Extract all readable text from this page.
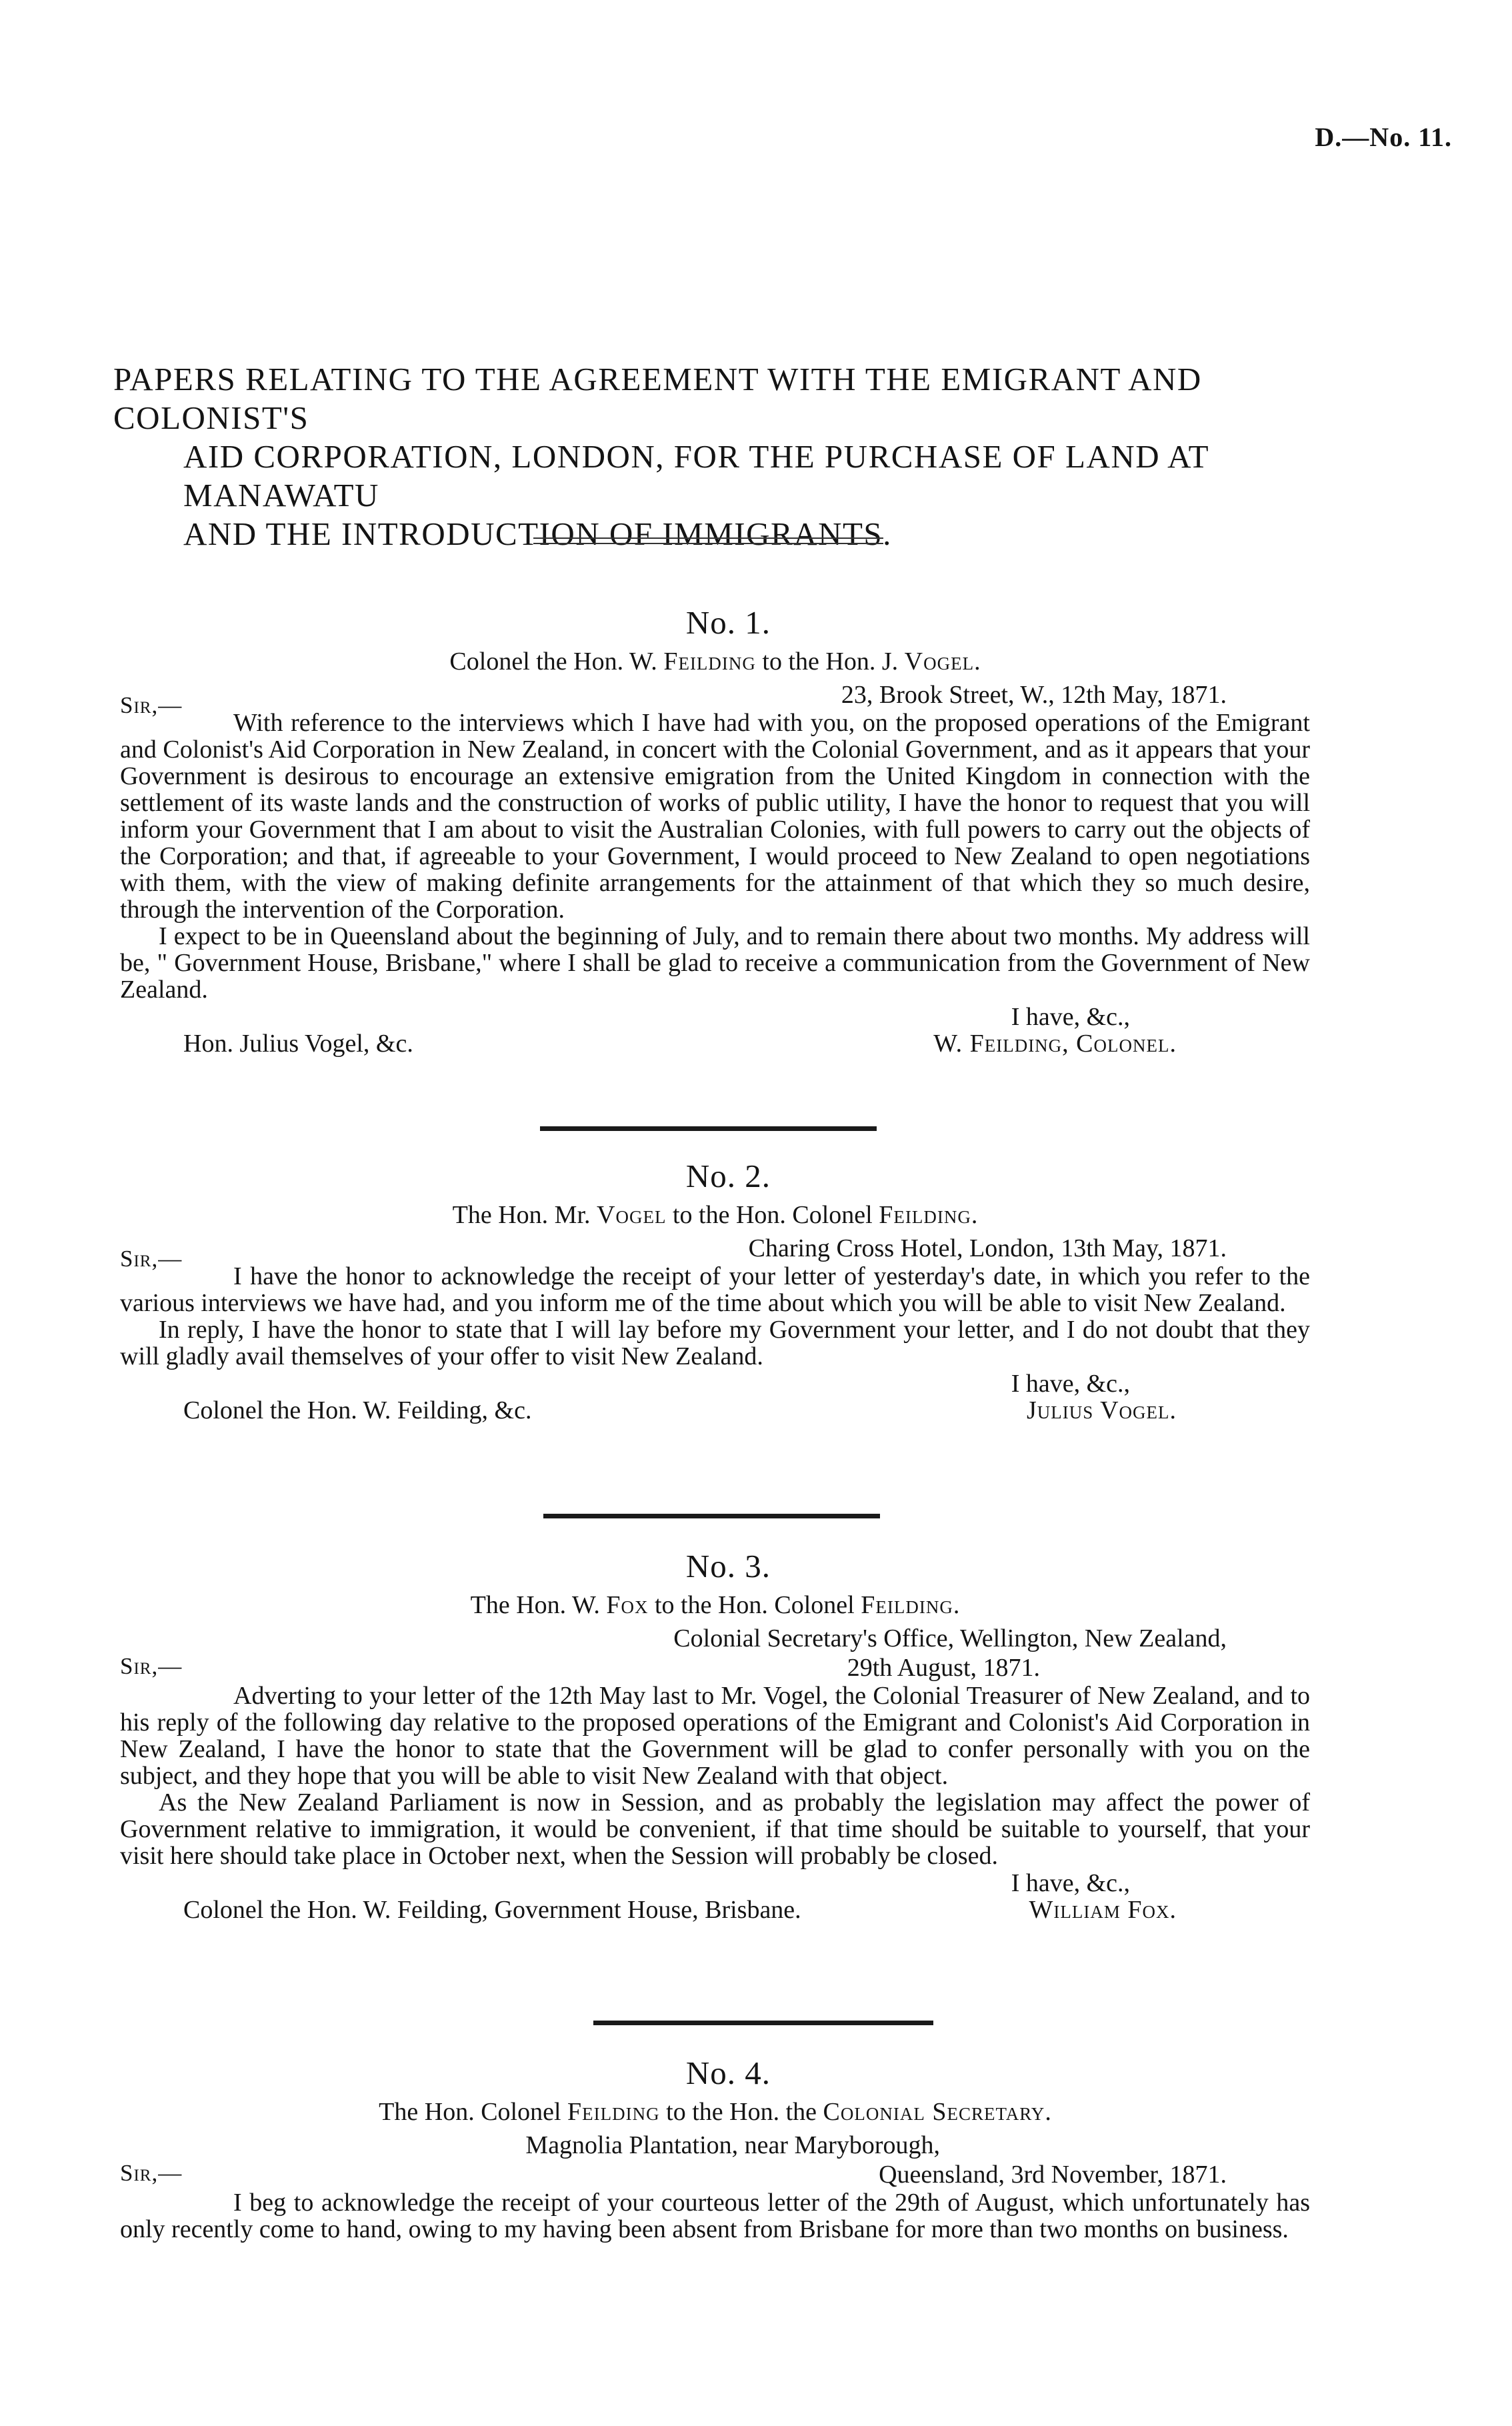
D.—No. 11.
PAPERS RELATING TO THE AGREEMENT WITH THE EMIGRANT AND COLONIST'S
AID CORPORATION, LONDON, FOR THE PURCHASE OF LAND AT MANAWATU
AND THE INTRODUCTION OF IMMIGRANTS.
No. 1.
Colonel the Hon. W. Feilding to the Hon. J. Vogel.
Sir,—	23, Brook Street, W., 12th May, 1871.

With reference to the interviews which I have had with you, on the proposed operations of the Emigrant and Colonist's Aid Corporation in New Zealand, in concert with the Colonial Government, and as it appears that your Government is desirous to encourage an extensive emigration from the United Kingdom in connection with the settlement of its waste lands and the construction of works of public utility, I have the honor to request that you will inform your Government that I am about to visit the Australian Colonies, with full powers to carry out the objects of the Corporation; and that, if agreeable to your Government, I would proceed to New Zealand to open negotiations with them, with the view of making definite arrangements for the attainment of that which they so much desire, through the intervention of the Corporation.

I expect to be in Queensland about the beginning of July, and to remain there about two months. My address will be, " Government House, Brisbane," where I shall be glad to receive a communication from the Government of New Zealand.

I have, &c.,
W. Feilding, Colonel.
Hon. Julius Vogel, &c.
No. 2.
The Hon. Mr. Vogel to the Hon. Colonel Feilding.
Sir,—	Charing Cross Hotel, London, 13th May, 1871.

I have the honor to acknowledge the receipt of your letter of yesterday's date, in which you refer to the various interviews we have had, and you inform me of the time about which you will be able to visit New Zealand.

In reply, I have the honor to state that I will lay before my Government your letter, and I do not doubt that they will gladly avail themselves of your offer to visit New Zealand.

I have, &c.,
Julius Vogel.
Colonel the Hon. W. Feilding, &c.
No. 3.
The Hon. W. Fox to the Hon. Colonel Feilding.
Sir,—
Colonial Secretary's Office, Wellington, New Zealand,
29th August, 1871.

Adverting to your letter of the 12th May last to Mr. Vogel, the Colonial Treasurer of New Zealand, and to his reply of the following day relative to the proposed operations of the Emigrant and Colonist's Aid Corporation in New Zealand, I have the honor to state that the Government will be glad to confer personally with you on the subject, and they hope that you will be able to visit New Zealand with that object.

As the New Zealand Parliament is now in Session, and as probably the legislation may affect the power of Government relative to immigration, it would be convenient, if that time should be suitable to yourself, that your visit here should take place in October next, when the Session will probably be closed.

I have, &c.,
William Fox.
Colonel the Hon. W. Feilding, Government House, Brisbane.
No. 4.
The Hon. Colonel Feilding to the Hon. the Colonial Secretary.
Sir,—
Magnolia Plantation, near Maryborough,
Queensland, 3rd November, 1871.

I beg to acknowledge the receipt of your courteous letter of the 29th of August, which unfortunately has only recently come to hand, owing to my having been absent from Brisbane for more than two months on business.
